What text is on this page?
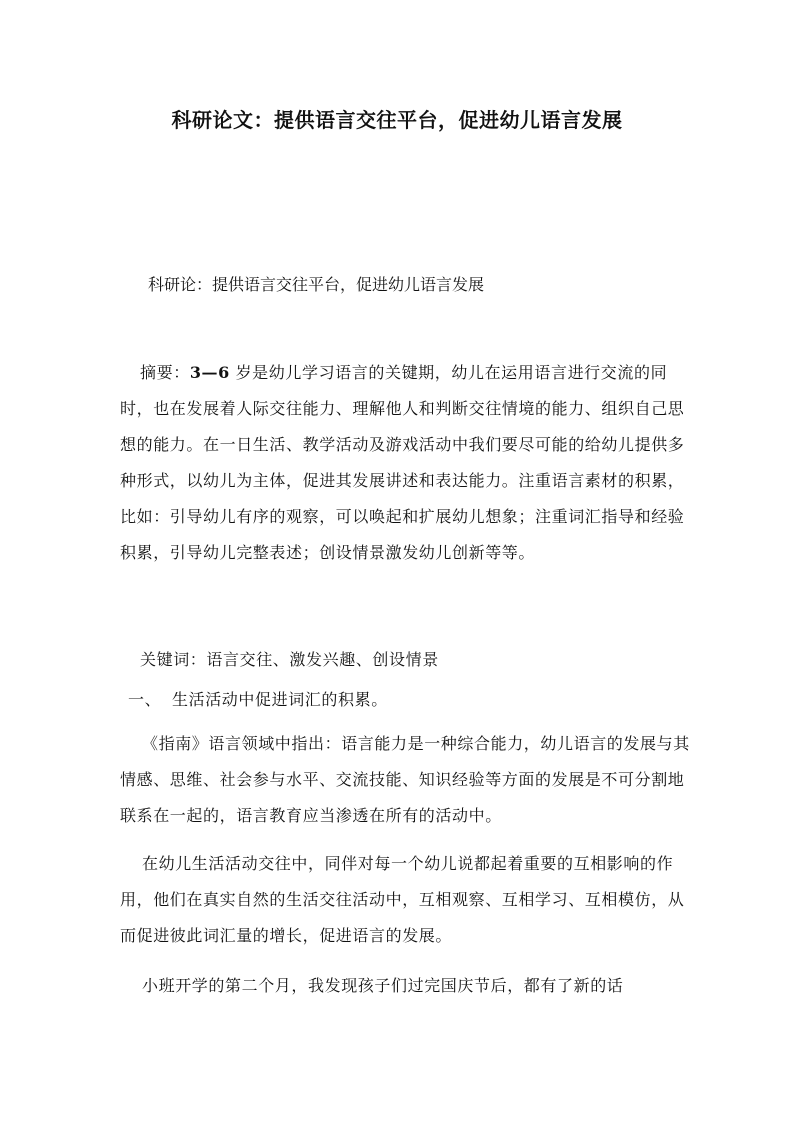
科研论文：提供语言交往平台，促进幼儿语言发展
科研论：提供语言交往平台，促进幼儿语言发展
摘要：3—6 岁是幼儿学习语言的关键期，幼儿在运用语言进行交流的同时，也在发展着人际交往能力、理解他人和判断交往情境的能力、组织自己思想的能力。在一日生活、教学活动及游戏活动中我们要尽可能的给幼儿提供多种形式，以幼儿为主体，促进其发展讲述和表达能力。注重语言素材的积累，比如：引导幼儿有序的观察，可以唤起和扩展幼儿想象；注重词汇指导和经验积累，引导幼儿完整表述；创设情景激发幼儿创新等等。
关键词：语言交往、激发兴趣、创设情景
一、 生活活动中促进词汇的积累。
《指南》语言领域中指出：语言能力是一种综合能力，幼儿语言的发展与其情感、思维、社会参与水平、交流技能、知识经验等方面的发展是不可分割地联系在一起的，语言教育应当渗透在所有的活动中。
在幼儿生活活动交往中，同伴对每一个幼儿说都起着重要的互相影响的作用，他们在真实自然的生活交往活动中，互相观察、互相学习、互相模仿，从而促进彼此词汇量的增长，促进语言的发展。
小班开学的第二个月，我发现孩子们过完国庆节后，都有了新的话
